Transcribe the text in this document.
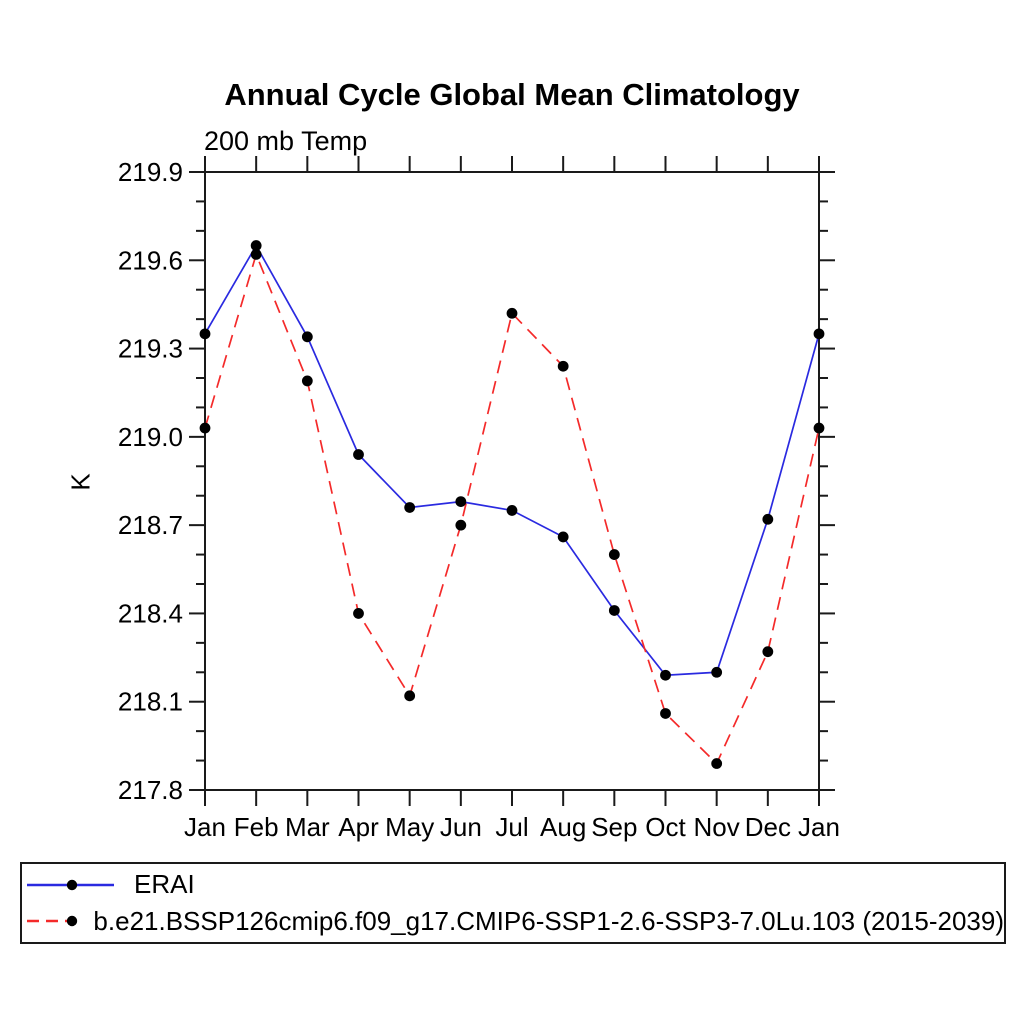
Annual Cycle Global Mean Climatology
200 mb Temp
K
217.8
218.1
218.4
218.7
219.0
219.3
219.6
219.9
Jan Feb Mar Apr May Jun Jul Aug Sep Oct Nov Dec Jan
ERAI
b.e21.BSSP126cmip6.f09_g17.CMIP6-SSP1-2.6-SSP3-7.0Lu.103 (2015-2039)
